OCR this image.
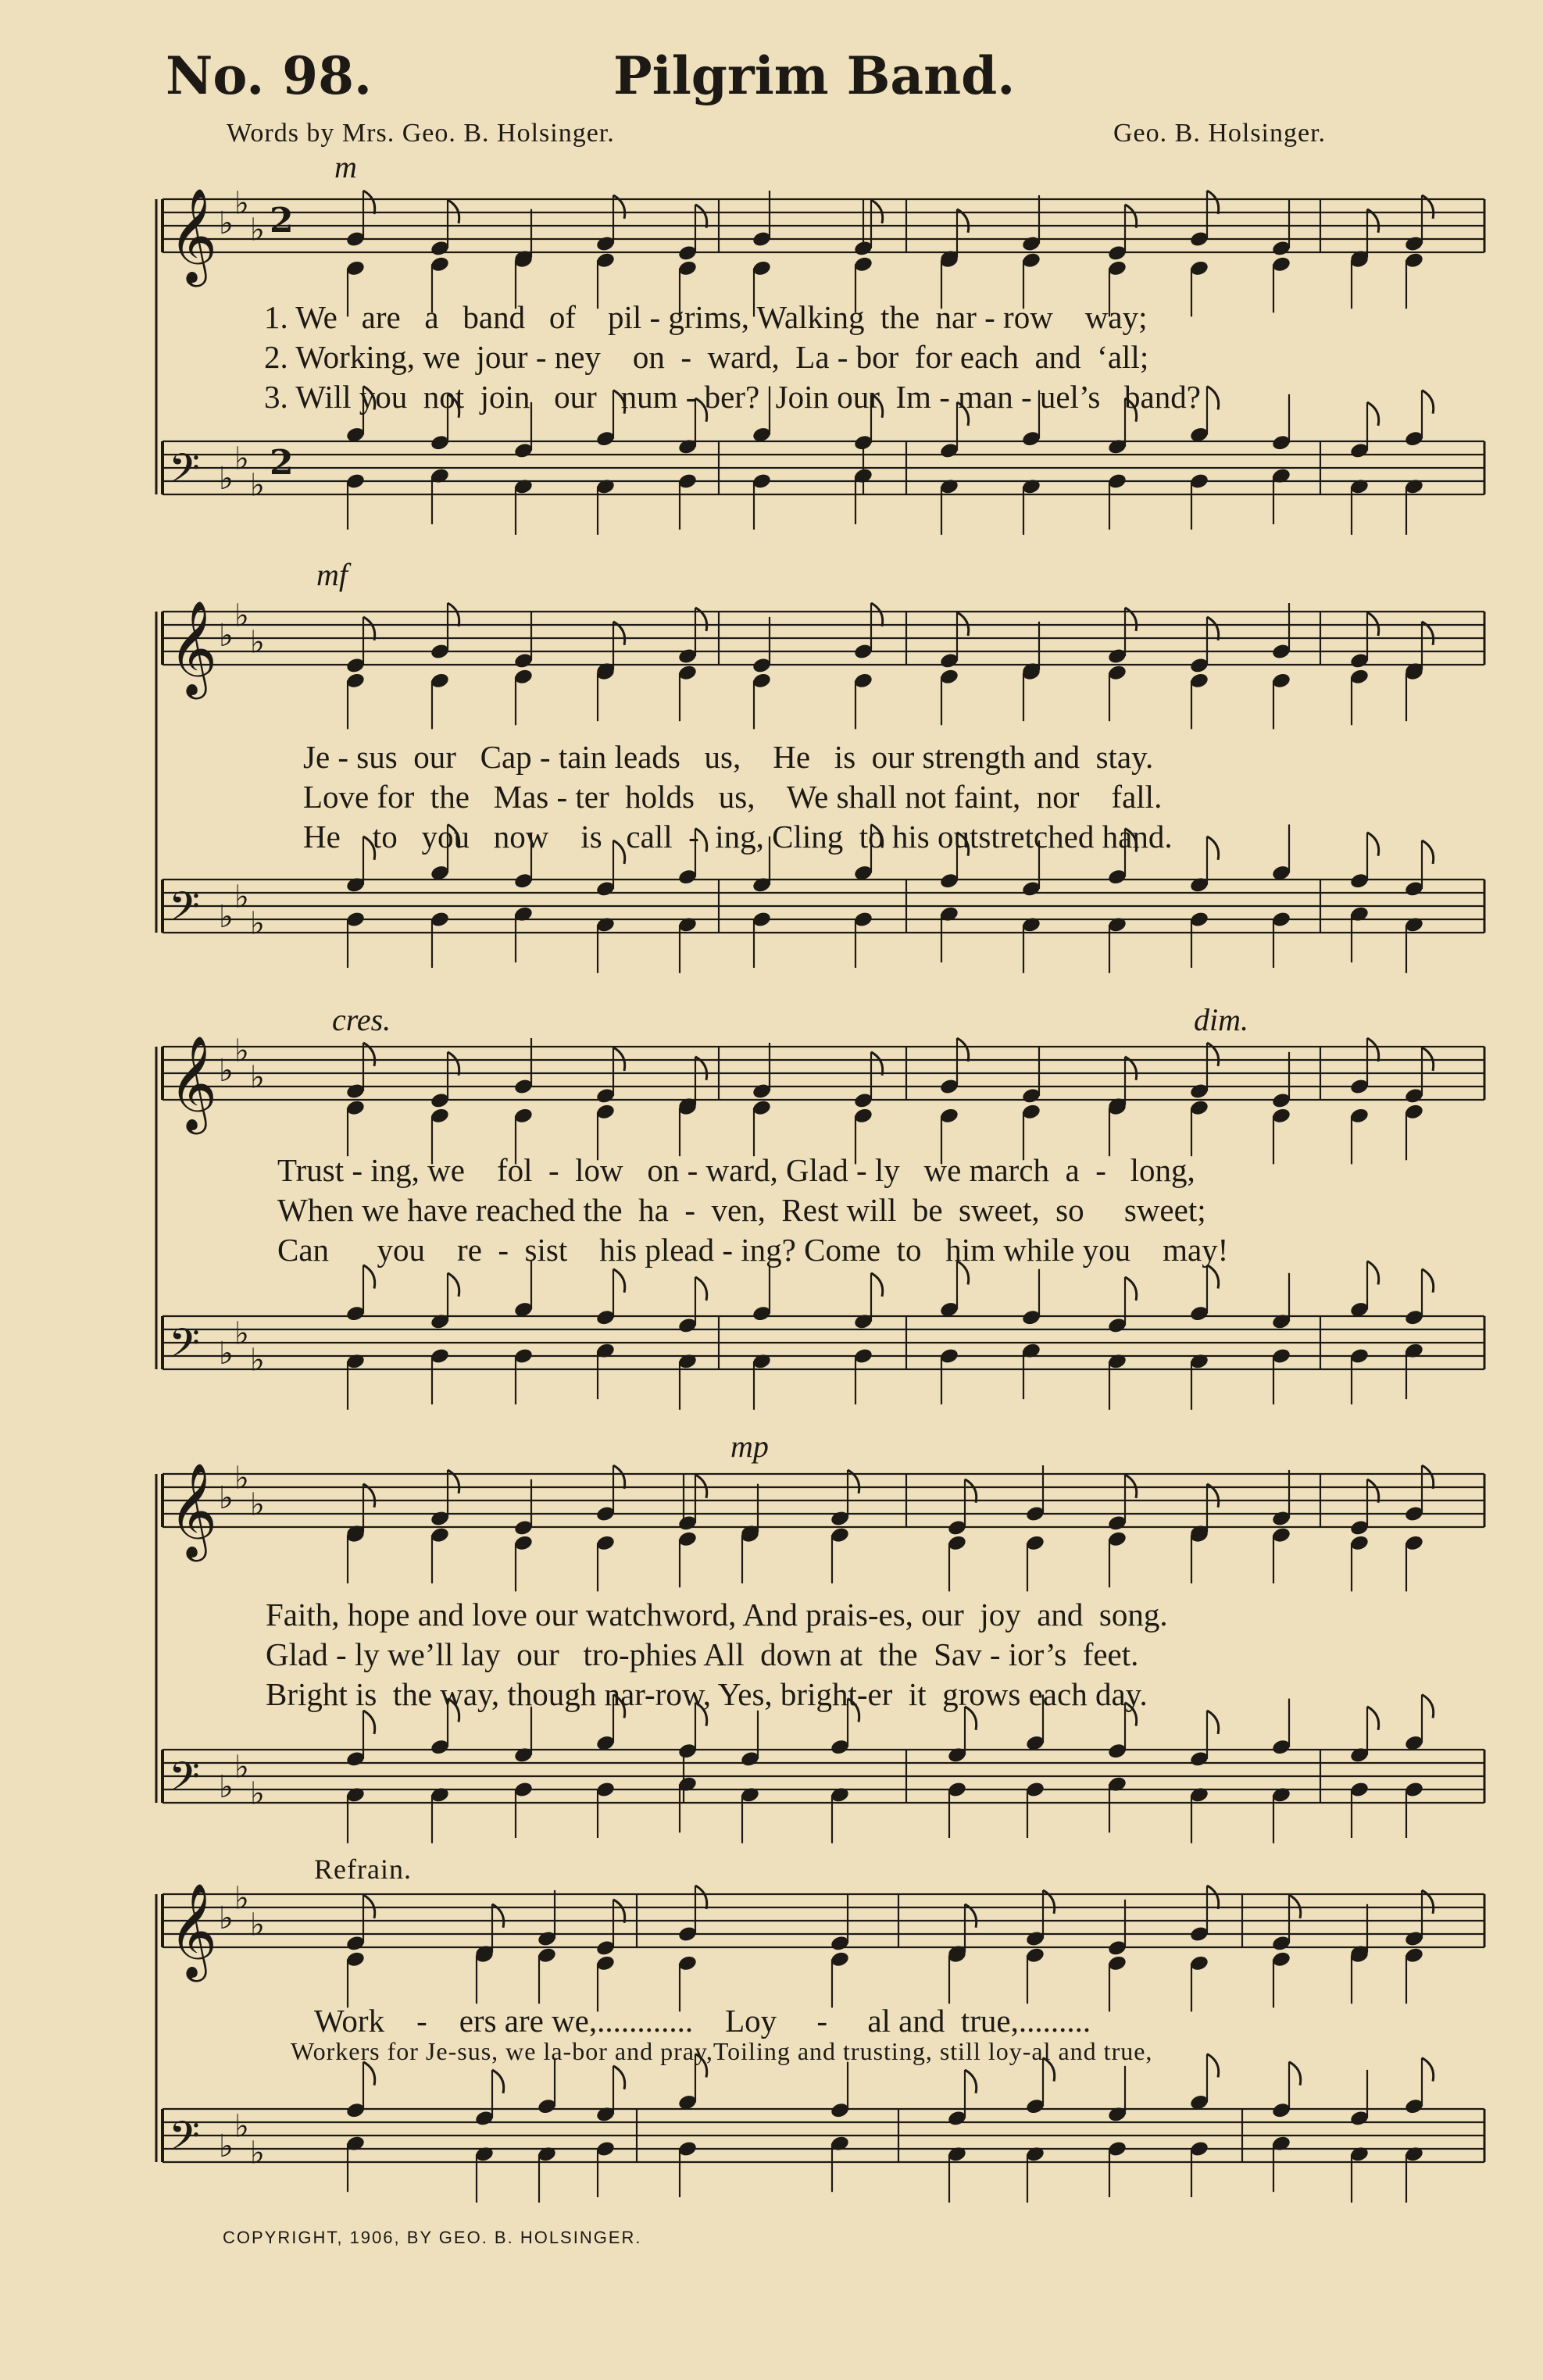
No. 98.	Pilgrim Band.
Words by Mrs. Geo. B. Holsinger.	Geo. B. Holsinger.
𝄞 ♭
♭
♭ 2
𝄢 ♭
♭
♭
2
𝄞 ♭
♭
♭
𝄢 ♭
♭
♭
𝄞 ♭
♭
♭
𝄢 ♭
♭
♭
𝄞 ♭
♭
♭
𝄢 ♭
♭
♭
𝄞 ♭
♭
♭
𝄢 ♭
♭
♭
m
mf
cres.	dim.
mp
Refrain.
1. We   are   a   band   of    pil - grims, Walking  the  nar - row    way;
2. Working, we  jour - ney    on  -  ward,  La - bor  for each  and  ‘all;
3. Will you  not  join   our   num - ber?  Join our  Im - man - uel’s   band?
Je - sus  our   Cap - tain leads   us,    He   is  our strength and  stay.
Love for  the   Mas - ter  holds   us,    We shall not faint,  nor    fall.
He    to   you   now    is   call  -  ing, Cling  to his outstretched hand.
Trust - ing, we    fol  -  low   on - ward, Glad - ly   we march  a  -   long,
When we have reached the  ha  -  ven,  Rest will  be  sweet,  so     sweet;
Can      you    re  -  sist    his plead - ing? Come  to   him while you    may!
Faith, hope and love our watchword, And prais-es, our  joy  and  song.
Glad - ly we’ll lay  our   tro-phies All  down at  the  Sav - ior’s  feet.
Bright is  the way, though nar-row, Yes, bright-er  it  grows each day.
Work    -    ers are we,............    Loy     -     al and  true,.........
Workers for Je-sus, we la-bor and pray,Toiling and trusting, still loy-al and true,
COPYRIGHT, 1906, BY GEO. B. HOLSINGER.
